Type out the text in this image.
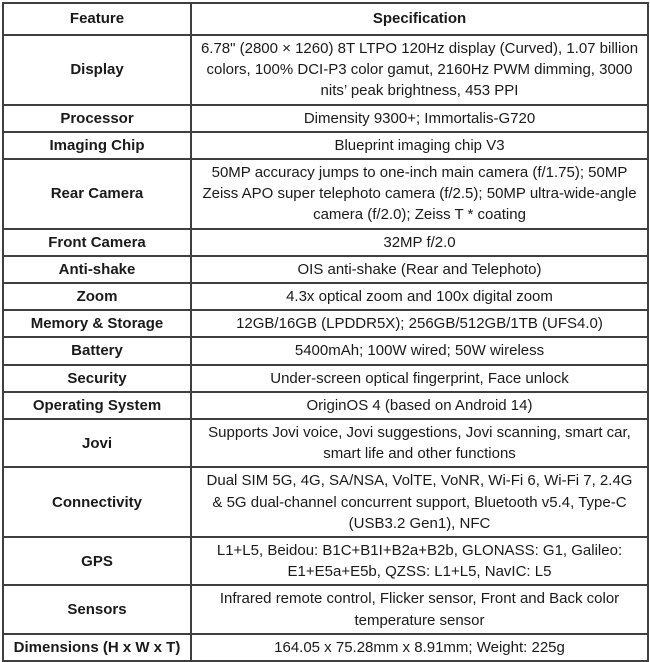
Feature	Specification
Display	6.78" (2800 × 1260) 8T LTPO 120Hz display (Curved), 1.07 billion colors, 100% DCI-P3 color gamut, 2160Hz PWM dimming, 3000 nits’ peak brightness, 453 PPI
Processor	Dimensity 9300+; Immortalis-G720
Imaging Chip	Blueprint imaging chip V3
Rear Camera	50MP accuracy jumps to one-inch main camera (f/1.75); 50MP Zeiss APO super telephoto camera (f/2.5); 50MP ultra-wide-angle camera (f/2.0); Zeiss T * coating
Front Camera	32MP f/2.0
Anti-shake	OIS anti-shake (Rear and Telephoto)
Zoom	4.3x optical zoom and 100x digital zoom
Memory & Storage	12GB/16GB (LPDDR5X); 256GB/512GB/1TB (UFS4.0)
Battery	5400mAh; 100W wired; 50W wireless
Security	Under-screen optical fingerprint, Face unlock
Operating System	OriginOS 4 (based on Android 14)
Jovi	Supports Jovi voice, Jovi suggestions, Jovi scanning, smart car, smart life and other functions
Connectivity	Dual SIM 5G, 4G, SA/NSA, VolTE, VoNR, Wi-Fi 6, Wi-Fi 7, 2.4G & 5G dual-channel concurrent support, Bluetooth v5.4, Type-C (USB3.2 Gen1), NFC
GPS	L1+L5, Beidou: B1C+B1I+B2a+B2b, GLONASS: G1, Galileo: E1+E5a+E5b, QZSS: L1+L5, NavIC: L5
Sensors	Infrared remote control, Flicker sensor, Front and Back color temperature sensor
Dimensions (H x W x T)	164.05 x 75.28mm x 8.91mm; Weight: 225g
